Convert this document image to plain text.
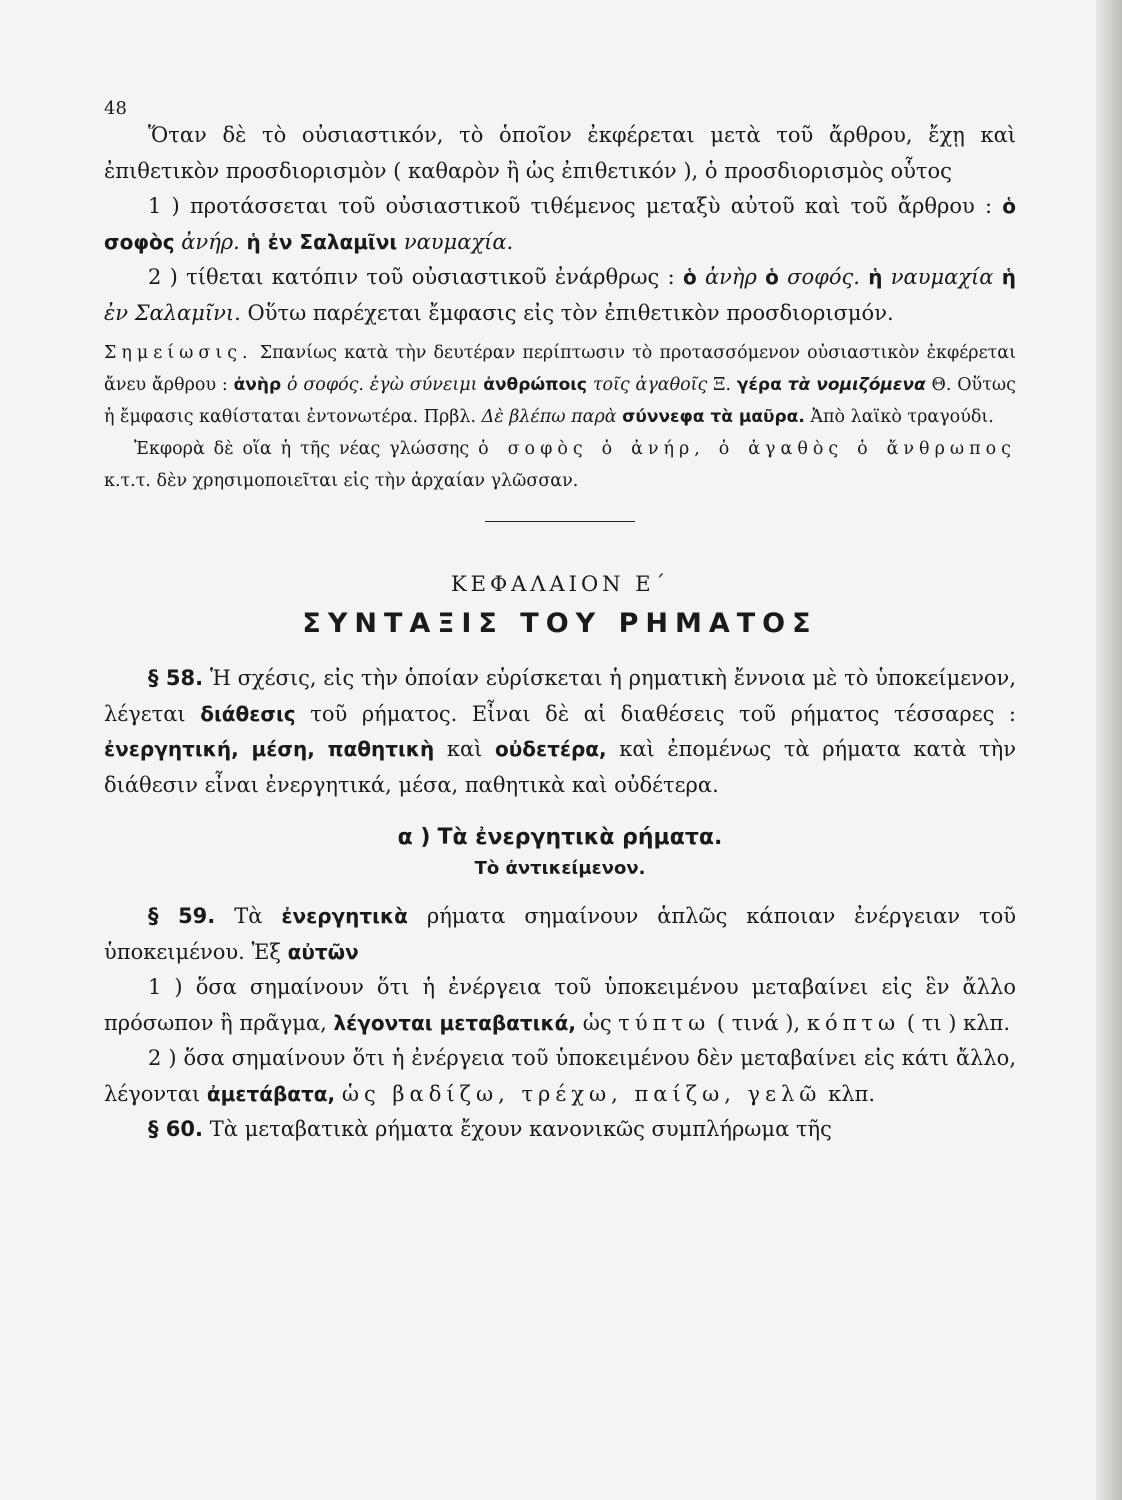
48

Ὅταν δὲ τὸ οὐσιαστικόν, τὸ ὁποῖον ἐκφέρεται μετὰ τοῦ ἄρθρου, ἔχῃ καὶ ἐπιθετικὸν προσδιορισμὸν ( καθαρὸν ἢ ὡς ἐπιθετικόν ), ὁ προσδιορισμὸς οὗτος

1 ) προτάσσεται τοῦ οὐσιαστικοῦ τιθέμενος μεταξὺ αὐτοῦ καὶ τοῦ ἄρθρου : ὁ σοφὸς ἀνήρ. ἡ ἐν Σαλαμῖνι ναυμαχία.

2 ) τίθεται κατόπιν τοῦ οὐσιαστικοῦ ἐνάρθρως : ὁ ἀνὴρ ὁ σοφός. ἡ ναυμαχία ἡ ἐν Σαλαμῖνι. Οὕτω παρέχεται ἔμφασις εἰς τὸν ἐπιθετικὸν προσδιορισμόν.

Σημείωσις. Σπανίως κατὰ τὴν δευτέραν περίπτωσιν τὸ προτασσόμενον οὐσιαστικὸν ἐκφέρεται ἄνευ ἄρθρου : ἀνὴρ ὁ σοφός. ἐγὼ σύνειμι ἀνθρώποις τοῖς ἀγαθοῖς Ξ. γέρα τὰ νομιζόμενα Θ. Οὕτως ἡ ἔμφασις καθίσταται ἐντονωτέρα. Πρβλ. Δὲ βλέπω παρὰ σύννεφα τὰ μαῦρα. Ἀπὸ λαϊκὸ τραγούδι.

Ἐκφορὰ δὲ οἵα ἡ τῆς νέας γλώσσης ὁ σοφὸς ὁ ἀνήρ, ὁ ἀγαθὸς ὁ ἄνθρωπος κ.τ.τ. δὲν χρησιμοποιεῖται εἰς τὴν ἀρχαίαν γλῶσσαν.

ΚΕΦΑΛΑΙΟΝ Ε΄
ΣΥΝΤΑΞΙΣ ΤΟΥ ΡΗΜΑΤΟΣ

§ 58. Ἡ σχέσις, εἰς τὴν ὁποίαν εὑρίσκεται ἡ ρηματικὴ ἔννοια μὲ τὸ ὑποκείμενον, λέγεται διάθεσις τοῦ ρήματος. Εἶναι δὲ αἱ διαθέσεις τοῦ ρήματος τέσσαρες : ἐνεργητική, μέση, παθητικὴ καὶ οὐδετέρα, καὶ ἐπομένως τὰ ρήματα κατὰ τὴν διάθεσιν εἶναι ἐνεργητικά, μέσα, παθητικὰ καὶ οὐδέτερα.

α ) Τὰ ἐνεργητικὰ ρήματα.
Τὸ ἀντικείμενον.

§ 59. Τὰ ἐνεργητικὰ ρήματα σημαίνουν ἁπλῶς κάποιαν ἐνέργειαν τοῦ ὑποκειμένου. Ἐξ αὐτῶν

1 ) ὅσα σημαίνουν ὅτι ἡ ἐνέργεια τοῦ ὑποκειμένου μεταβαίνει εἰς ἓν ἄλλο πρόσωπον ἢ πρᾶγμα, λέγονται μεταβατικά, ὡς τύπτω ( τινά ), κόπτω ( τι ) κλπ.

2 ) ὅσα σημαίνουν ὅτι ἡ ἐνέργεια τοῦ ὑποκειμένου δὲν μεταβαίνει εἰς κάτι ἄλλο, λέγονται ἀμετάβατα, ὡς βαδίζω, τρέχω, παίζω, γελῶ κλπ.

§ 60. Τὰ μεταβατικὰ ρήματα ἔχουν κανονικῶς συμπλήρωμα τῆς
